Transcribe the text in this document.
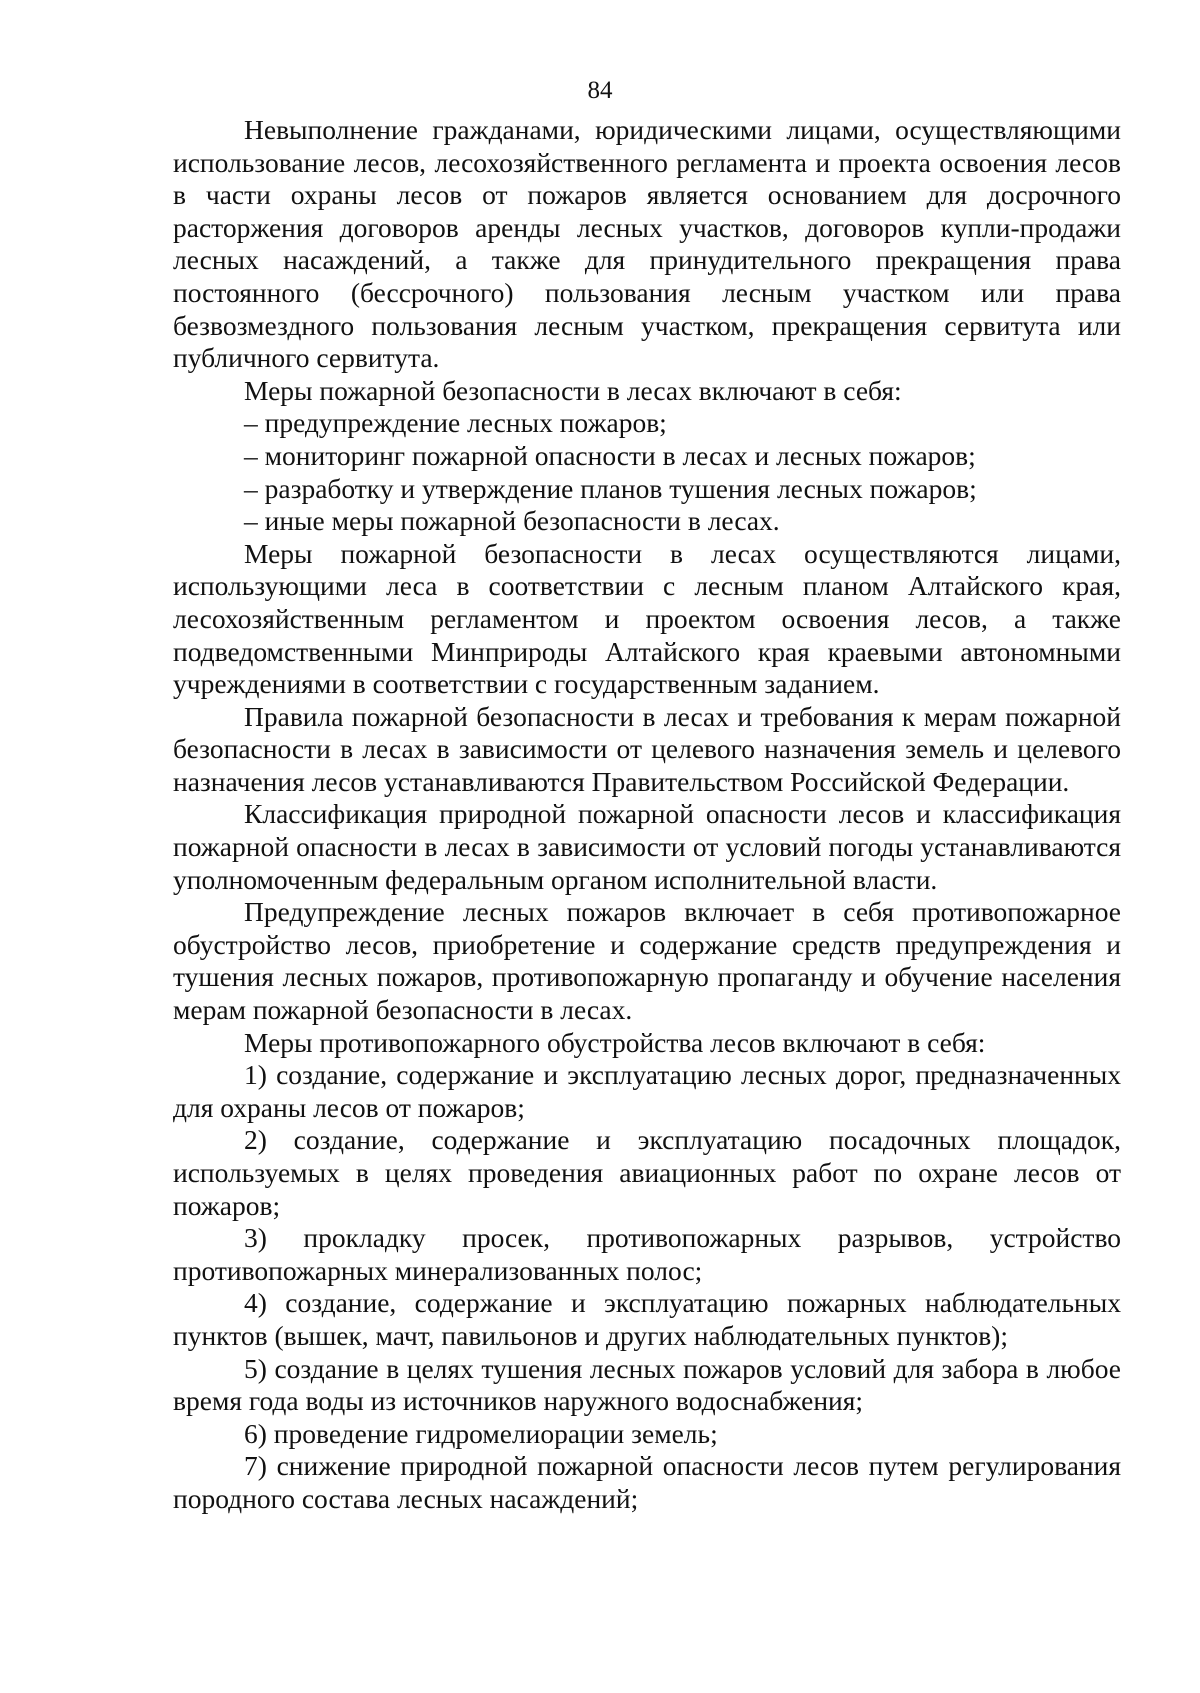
84

Невыполнение гражданами, юридическими лицами, осуществляющими использование лесов, лесохозяйственного регламента и проекта освоения лесов в части охраны лесов от пожаров является основанием для досрочного расторжения договоров аренды лесных участков, договоров купли-продажи лесных насаждений, а также для принудительного прекращения права постоянного (бессрочного) пользования лесным участком или права безвозмездного пользования лесным участком, прекращения сервитута или публичного сервитута.

Меры пожарной безопасности в лесах включают в себя:

– предупреждение лесных пожаров;

– мониторинг пожарной опасности в лесах и лесных пожаров;

– разработку и утверждение планов тушения лесных пожаров;

– иные меры пожарной безопасности в лесах.

Меры пожарной безопасности в лесах осуществляются лицами, использующими леса в соответствии с лесным планом Алтайского края, лесохозяйственным регламентом и проектом освоения лесов, а также подведомственными Минприроды Алтайского края краевыми автономными учреждениями в соответствии с государственным заданием.

Правила пожарной безопасности в лесах и требования к мерам пожарной безопасности в лесах в зависимости от целевого назначения земель и целевого назначения лесов устанавливаются Правительством Российской Федерации.

Классификация природной пожарной опасности лесов и классификация пожарной опасности в лесах в зависимости от условий погоды устанавливаются уполномоченным федеральным органом исполнительной власти.

Предупреждение лесных пожаров включает в себя противопожарное обустройство лесов, приобретение и содержание средств предупреждения и тушения лесных пожаров, противопожарную пропаганду и обучение населения мерам пожарной безопасности в лесах.

Меры противопожарного обустройства лесов включают в себя:

1) создание, содержание и эксплуатацию лесных дорог, предназначенных для охраны лесов от пожаров;

2) создание, содержание и эксплуатацию посадочных площадок, используемых в целях проведения авиационных работ по охране лесов от пожаров;

3) прокладку просек, противопожарных разрывов, устройство противопожарных минерализованных полос;

4) создание, содержание и эксплуатацию пожарных наблюдательных пунктов (вышек, мачт, павильонов и других наблюдательных пунктов);

5) создание в целях тушения лесных пожаров условий для забора в любое время года воды из источников наружного водоснабжения;

6) проведение гидромелиорации земель;

7) снижение природной пожарной опасности лесов путем регулирования породного состава лесных насаждений;
